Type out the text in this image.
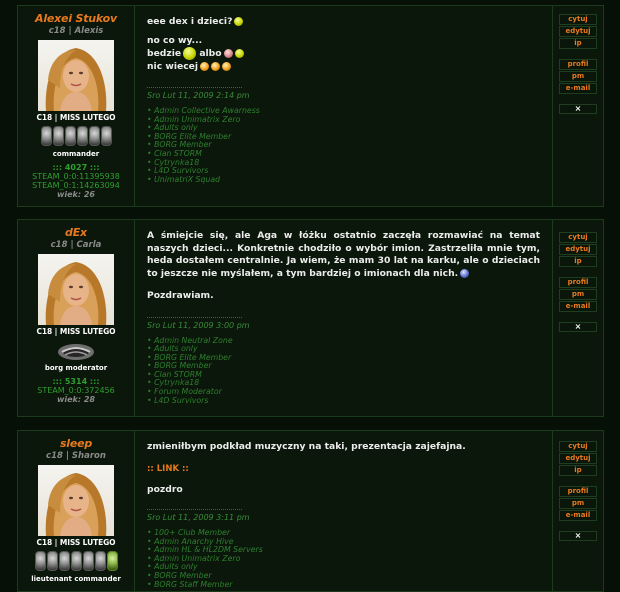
Alexei Stukov
c18 | Alexis
C18 | MISS LUTEGO
commander
::: 4027 :::
STEAM_0:0:11395938
STEAM_0:1:14263094
wiek: 26
eee dex i dzieci?
no co wy...
bedzie albo
nic wiecej
Sro Lut 11, 2009 2:14 pm
• Admin Collective Awarness
• Admin Unimatrix Zero
• Adults only
• BORG Elite Member
• BORG Member
• Clan STORM
• Cytrynka18
• L4D Survivors
• UnimatriX Squad
cytuj
edytuj
ip
profil
pm
e-mail
×
dEx
c18 | Carla
C18 | MISS LUTEGO
borg moderator
::: 5314 :::
STEAM_0:0:372456
wiek: 28
A śmiejcie się, ale Aga w łóżku ostatnio zaczęła rozmawiać na temat naszych dzieci... Konkretnie chodziło o wybór imion. Zastrzeliła mnie tym, heda dostałem centralnie. Ja wiem, że mam 30 lat na karku, ale o dzieciach to jeszcze nie myślałem, a tym bardziej o imionach dla nich.
Pozdrawiam.
Sro Lut 11, 2009 3:00 pm
• Admin Neutral Zone
• Adults only
• BORG Elite Member
• BORG Member
• Clan STORM
• Cytrynka18
• Forum Moderator
• L4D Survivors
cytuj
edytuj
ip
profil
pm
e-mail
×
sleep
c18 | Sharon
C18 | MISS LUTEGO
lieutenant commander
zmieniłbym podkład muzyczny na taki, prezentacja zajefajna.
:: LINK ::
pozdro
Sro Lut 11, 2009 3:11 pm
• 100+ Club Member
• Admin Anarchy Hive
• Admin HL & HL2DM Servers
• Admin Unimatrix Zero
• Adults only
• BORG Member
• BORG Staff Member
cytuj
edytuj
ip
profil
pm
e-mail
×
